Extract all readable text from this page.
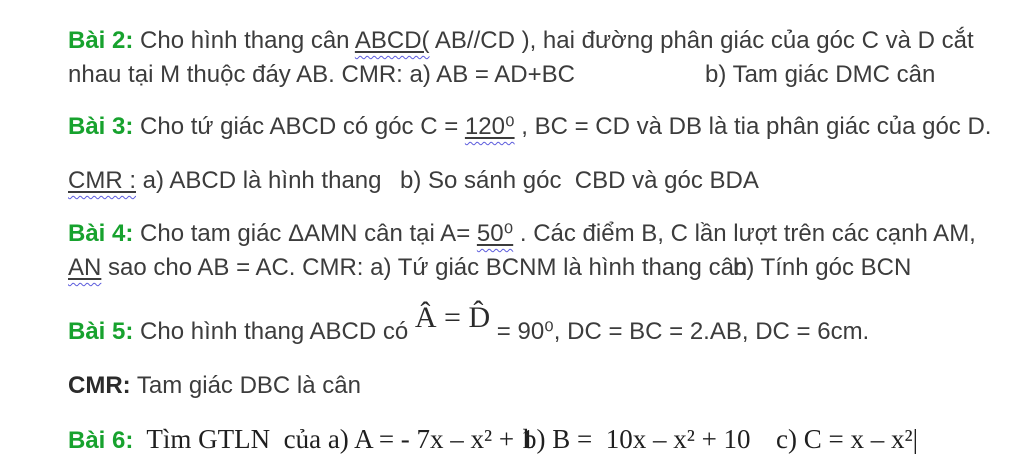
Bài 2: Cho hình thang cân ABCD( AB//CD ), hai đường phân giác của góc C và D cắt
nhau tại M thuộc đáy AB. CMR: a) AB = AD+BC	b) Tam giác DMC cân
Bài 3: Cho tứ giác ABCD có góc C = 120⁰ , BC = CD và DB là tia phân giác của góc D.
CMR : a) ABCD là hình thang b) So sánh góc  CBD và góc BDA
Bài 4: Cho tam giác ΔAMN cân tại A= 50⁰ . Các điểm B, C lần lượt trên các cạnh AM,
AN sao cho AB = AC. CMR: a) Tứ giác BCNM là hình thang cân
b) Tính góc BCN
Bài 5: Cho hình thang ABCD có Â = D̂ = 90⁰, DC = BC = 2.AB, DC = 6cm.
CMR: Tam giác DBC là cân
Bài 6:  Tìm GTLN  của a) A = - 7x – x² + 1
b) B =  10x – x² + 10 c) C = x – x²|
